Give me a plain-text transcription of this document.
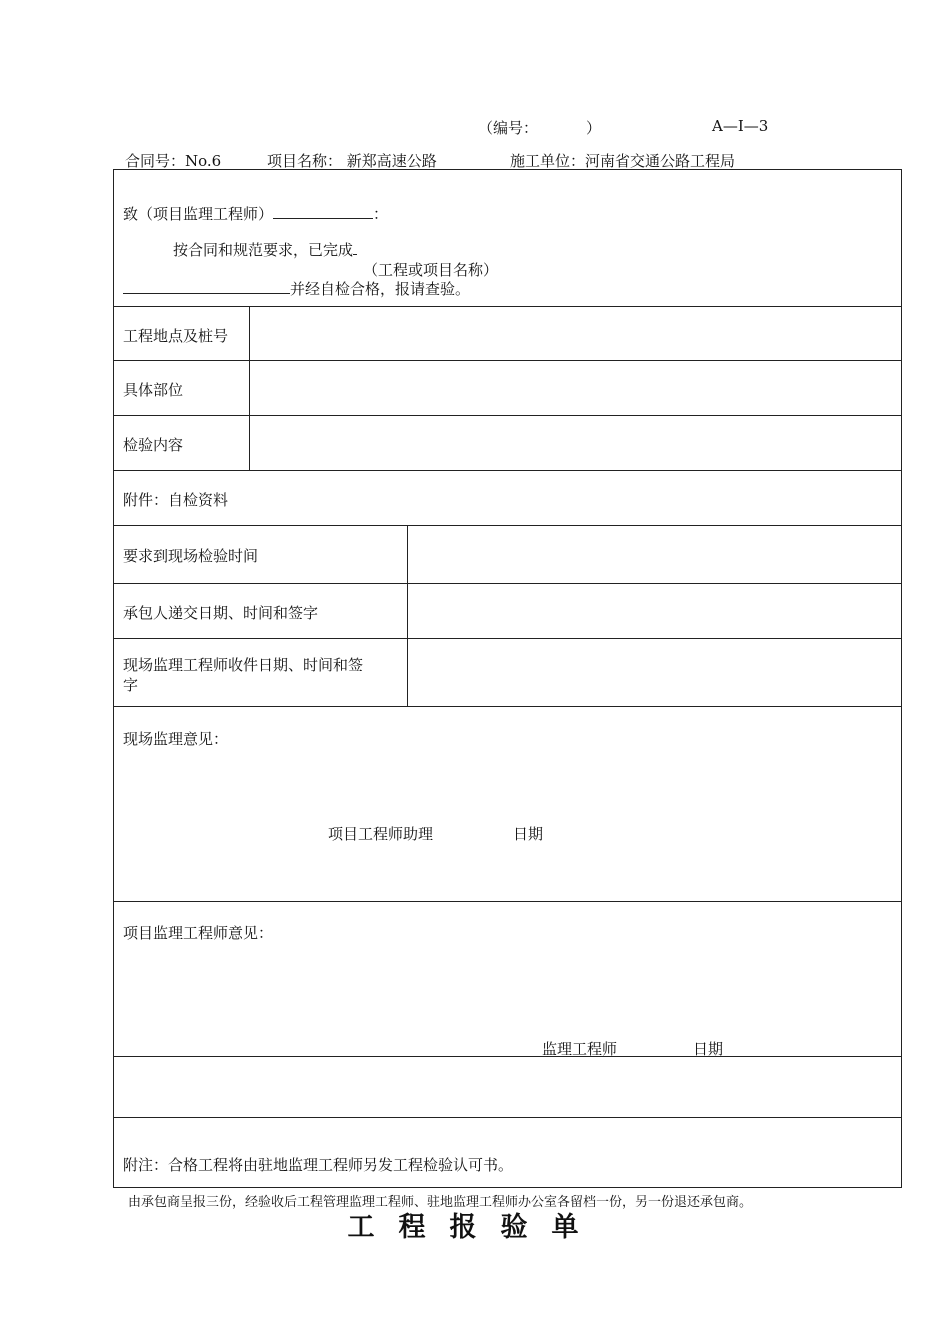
（编号：	）	A—Ⅰ—3
合同号：No.6	项目名称： 新郑高速公路	施工单位：河南省交通公路工程局
致（项目监理工程师）	：
按合同和规范要求，已完成
（工程或项目名称）
并经自检合格，报请查验。
工程地点及桩号
具体部位
检验内容
附件：自检资料
要求到现场检验时间
承包人递交日期、时间和签字
现场监理工程师收件日期、时间和签
字
现场监理意见：
项目工程师助理	日期
项目监理工程师意见：
监理工程师	日期
附注：合格工程将由驻地监理工程师另发工程检验认可书。
由承包商呈报三份，经验收后工程管理监理工程师、驻地监理工程师办公室各留档一份，另一份退还承包商。
工程报验单
